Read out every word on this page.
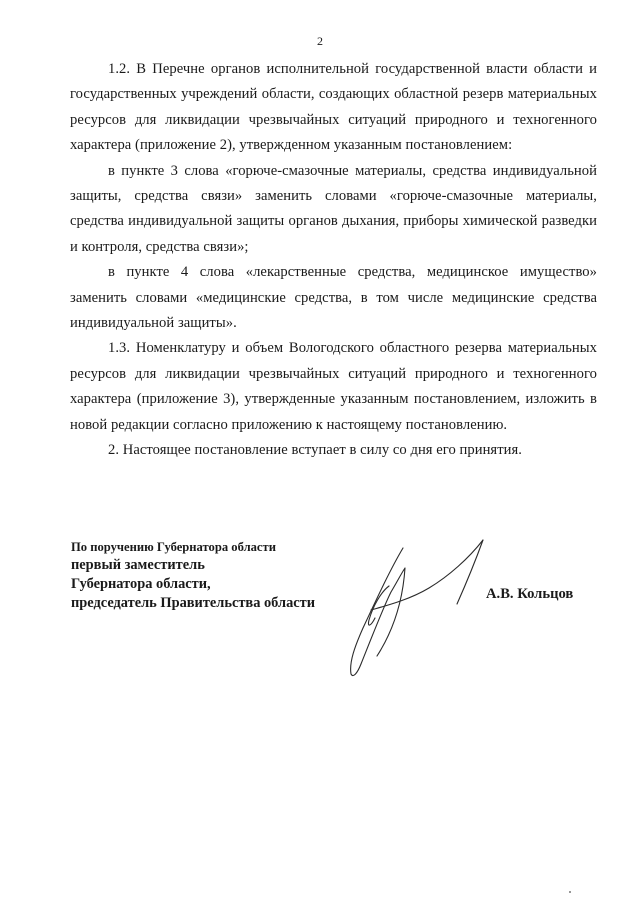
2

1.2. В Перечне органов исполнительной государственной власти области и государственных учреждений области, создающих областной резерв материальных ресурсов для ликвидации чрезвычайных ситуаций природного и техногенного характера (приложение 2), утвержденном указанным постановлением:

в пункте 3 слова «горюче-смазочные материалы, средства индивидуальной защиты, средства связи» заменить словами «горюче-смазочные материалы, средства индивидуальной защиты органов дыхания, приборы химической разведки и контроля, средства связи»;

в пункте 4 слова «лекарственные средства, медицинское имущество» заменить словами «медицинские средства, в том числе медицинские средства индивидуальной защиты».

1.3. Номенклатуру и объем Вологодского областного резерва материальных ресурсов для ликвидации чрезвычайных ситуаций природного и техногенного характера (приложение 3), утвержденные указанным постановлением, изложить в новой редакции согласно приложению к настоящему постановлению.

2. Настоящее постановление вступает в силу со дня его принятия.

По поручению Губернатора области
первый заместитель
Губернатора области,
председатель Правительства области
А.В. Кольцов
